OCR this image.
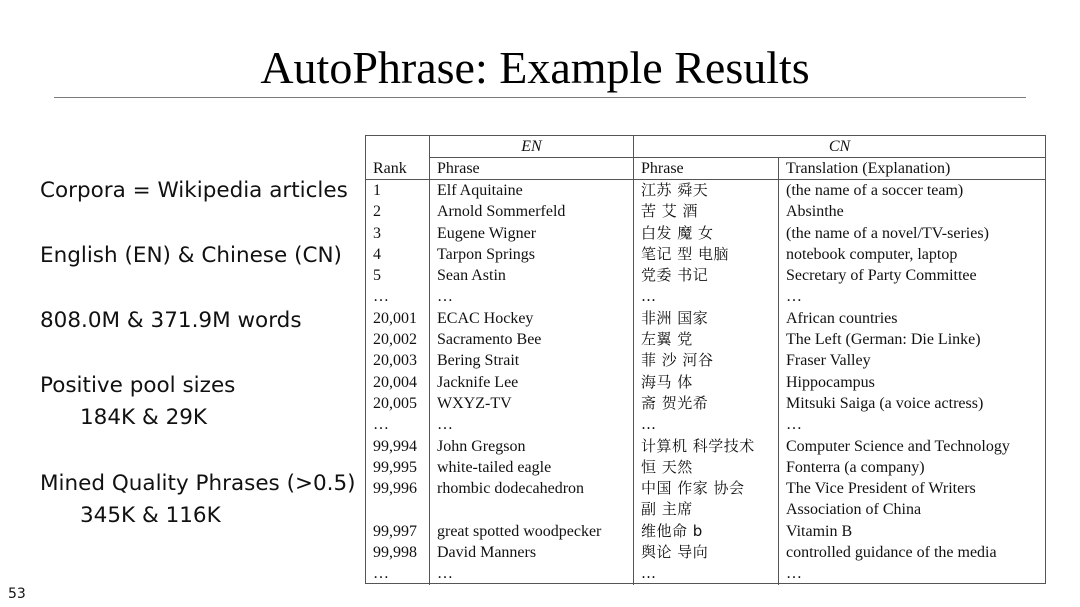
AutoPhrase: Example Results
Corpora = Wikipedia articles
English (EN) & Chinese (CN)
808.0M & 371.9M words
Positive pool sizes
184K & 29K
Mined Quality Phrases (>0.5)
345K & 116K
	EN	CN	
Rank	Phrase	Phrase	Translation (Explanation)
1	Elf Aquitaine	江苏 舜天	(the name of a soccer team)
2	Arnold Sommerfeld	苦 艾 酒	Absinthe
3	Eugene Wigner	白发 魔 女	(the name of a novel/TV-series)
4	Tarpon Springs	笔记 型 电脑	notebook computer, laptop
5	Sean Astin	党委 书记	Secretary of Party Committee
…	…	…	…
20,001	ECAC Hockey	非洲 国家	African countries
20,002	Sacramento Bee	左翼 党	The Left (German: Die Linke)
20,003	Bering Strait	菲 沙 河谷	Fraser Valley
20,004	Jacknife Lee	海马 体	Hippocampus
20,005	WXYZ-TV	斋 贺光希	Mitsuki Saiga (a voice actress)
…	…	…	…
99,994	John Gregson	计算机 科学技术	Computer Science and Technology
99,995	white-tailed eagle	恒 天然	Fonterra (a company)
99,996	rhombic dodecahedron	中国 作家 协会	The Vice President of Writers
		副 主席	Association of China
99,997	great spotted woodpecker	维他命 b	Vitamin B
99,998	David Manners	舆论 导向	controlled guidance of the media
…	…	…	…
53
